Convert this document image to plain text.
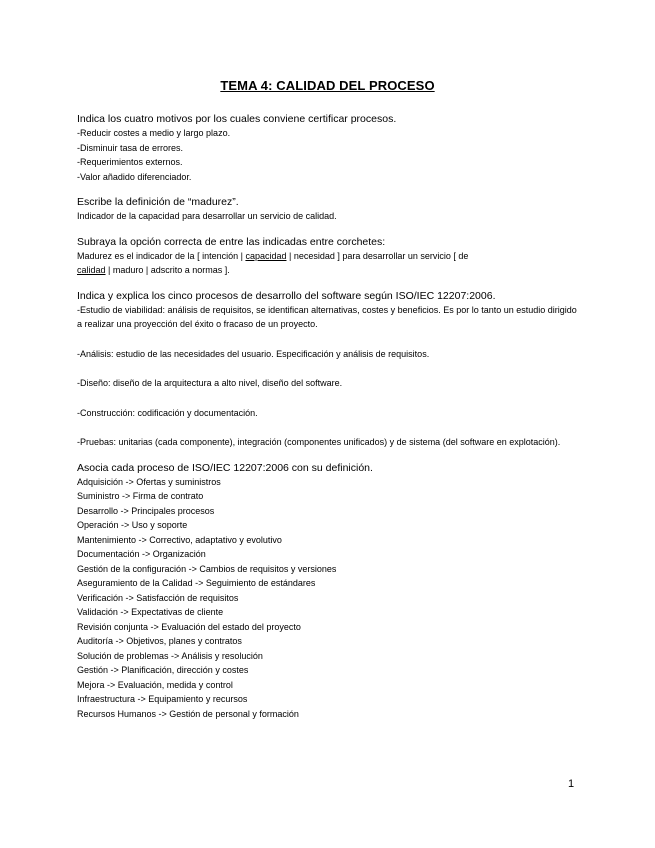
TEMA 4: CALIDAD DEL PROCESO
Indica los cuatro motivos por los cuales conviene certificar procesos.
-Reducir costes a medio y largo plazo.
-Disminuir tasa de errores.
-Requerimientos externos.
-Valor añadido diferenciador.
Escribe la definición de “madurez”.
Indicador de la capacidad para desarrollar un servicio de calidad.
Subraya la opción correcta de entre las indicadas entre corchetes:
Madurez es el indicador de la [ intención | capacidad | necesidad ] para desarrollar un servicio [ de
calidad | maduro | adscrito a normas ].
Indica y explica los cinco procesos de desarrollo del software según ISO/IEC 12207:2006.
-Estudio de viabilidad: análisis de requisitos, se identifican alternativas, costes y beneficios. Es por lo tanto un estudio dirigido a realizar una proyección del éxito o fracaso de un proyecto.
-Análisis: estudio de las necesidades del usuario. Especificación y análisis de requisitos.
-Diseño: diseño de la arquitectura a alto nivel, diseño del software.
-Construcción: codificación y documentación.
-Pruebas: unitarias (cada componente), integración (componentes unificados) y de sistema (del software en explotación).
Asocia cada proceso de ISO/IEC 12207:2006 con su definición.
Adquisición -> Ofertas y suministros
Suministro -> Firma de contrato
Desarrollo -> Principales procesos
Operación -> Uso y soporte
Mantenimiento -> Correctivo, adaptativo y evolutivo
Documentación -> Organización
Gestión de la configuración -> Cambios de requisitos y versiones
Aseguramiento de la Calidad -> Seguimiento de estándares
Verificación -> Satisfacción de requisitos
Validación -> Expectativas de cliente
Revisión conjunta -> Evaluación del estado del proyecto
Auditoría -> Objetivos, planes y contratos
Solución de problemas -> Análisis y resolución
Gestión -> Planificación, dirección y costes
Mejora -> Evaluación, medida y control
Infraestructura -> Equipamiento y recursos
Recursos Humanos -> Gestión de personal y formación
1
